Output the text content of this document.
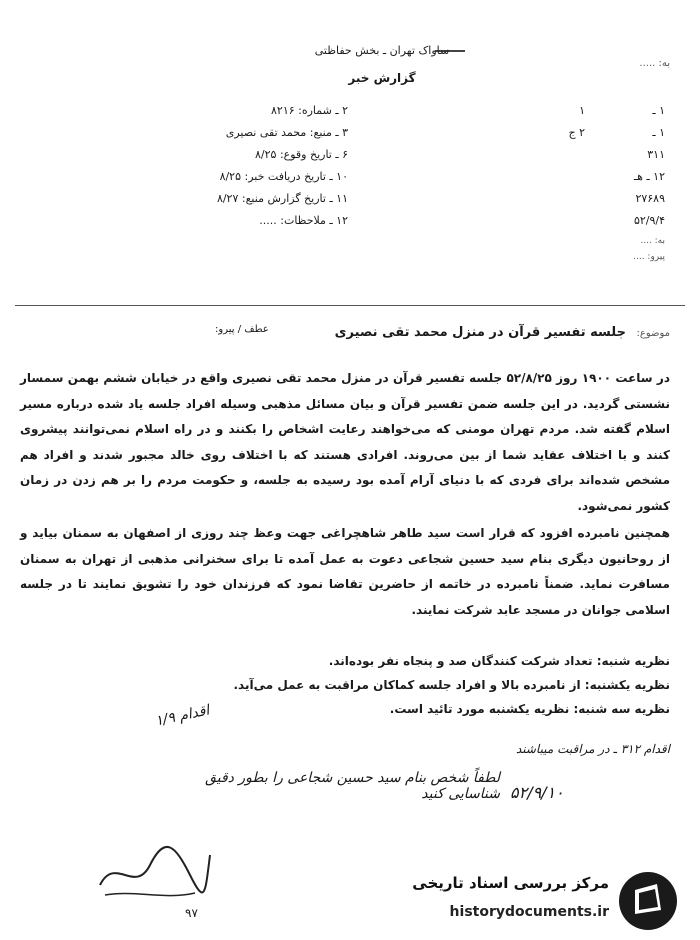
ساواک تهران ـ بخش حفاظتی
گزارش خبر
به: .....
۲ ـ شماره: ۸۲۱۶
۳ ـ منبع: محمد تقی نصیری
۶ ـ تاریخ وقوع: ۸/۲۵
۱۰ ـ تاریخ دریافت خبر: ۸/۲۵
۱۱ ـ تاریخ گزارش منبع: ۸/۲۷
۱۲ ـ ملاحظات: .....
۱
۲ ج
۱ ـ
۱ ـ
۳۱۱
۱۲ ـ هـ
۲۷۶۸۹
۵۲/۹/۴
به: ....
پیرو: ....
عطف / پیرو:	موضوع: جلسه تفسیر قرآن در منزل محمد تقی نصیری

در ساعت ۱۹۰۰ روز ۵۲/۸/۲۵ جلسه تفسیر قرآن در منزل محمد تقی نصیری واقع در خیابان ششم بهمن سمسار نشستی گردید. در این جلسه ضمن تفسیر قرآن و بیان مسائل مذهبی وسیله افراد جلسه یاد شده درباره مسیر اسلام گفته شد. مردم تهران مومنی که می‌خواهند رعایت اشخاص را بکنند و در راه اسلام نمی‌توانند پیشروی کنند و با اختلاف عقاید شما از بین می‌روند. افرادی هستند که با اختلاف روی خالد مجبور شدند و افراد هم مشخص شده‌اند برای فردی که با دنیای آرام آمده بود رسیده به جلسه، و حکومت مردم را بر هم زدن در زمان کشور نمی‌شود.

همچنین نامبرده افزود که قرار است سید طاهر شاهچراغی جهت وعظ چند روزی از اصفهان به سمنان بیاید و از روحانیون دیگری بنام سید حسین شجاعی دعوت به عمل آمده تا برای سخنرانی مذهبی از تهران به سمنان مسافرت نماید. ضمناً نامبرده در خاتمه از حاضرین تقاضا نمود که فرزندان خود را تشویق نمایند تا در جلسه اسلامی جوانان در مسجد عابد شرکت نمایند.

نظریه شنبه: تعداد شرکت کنندگان صد و پنجاه نفر بوده‌اند.

نظریه یکشنبه: از نامبرده بالا و افراد جلسه کماکان مراقبت به عمل می‌آید.

نظریه سه شنبه: نظریه یکشنبه مورد تائید است.

اقدام ۳۱۲ ـ در مراقبت میباشند
اقدام ۱/۹
۵۲/۹/۱۰
لطفاً شخص بنام سید حسین شجاعی را بطور دقیق شناسایی کنید
۹۷
مرکز بررسی اسناد تاریخی
historydocuments.ir
